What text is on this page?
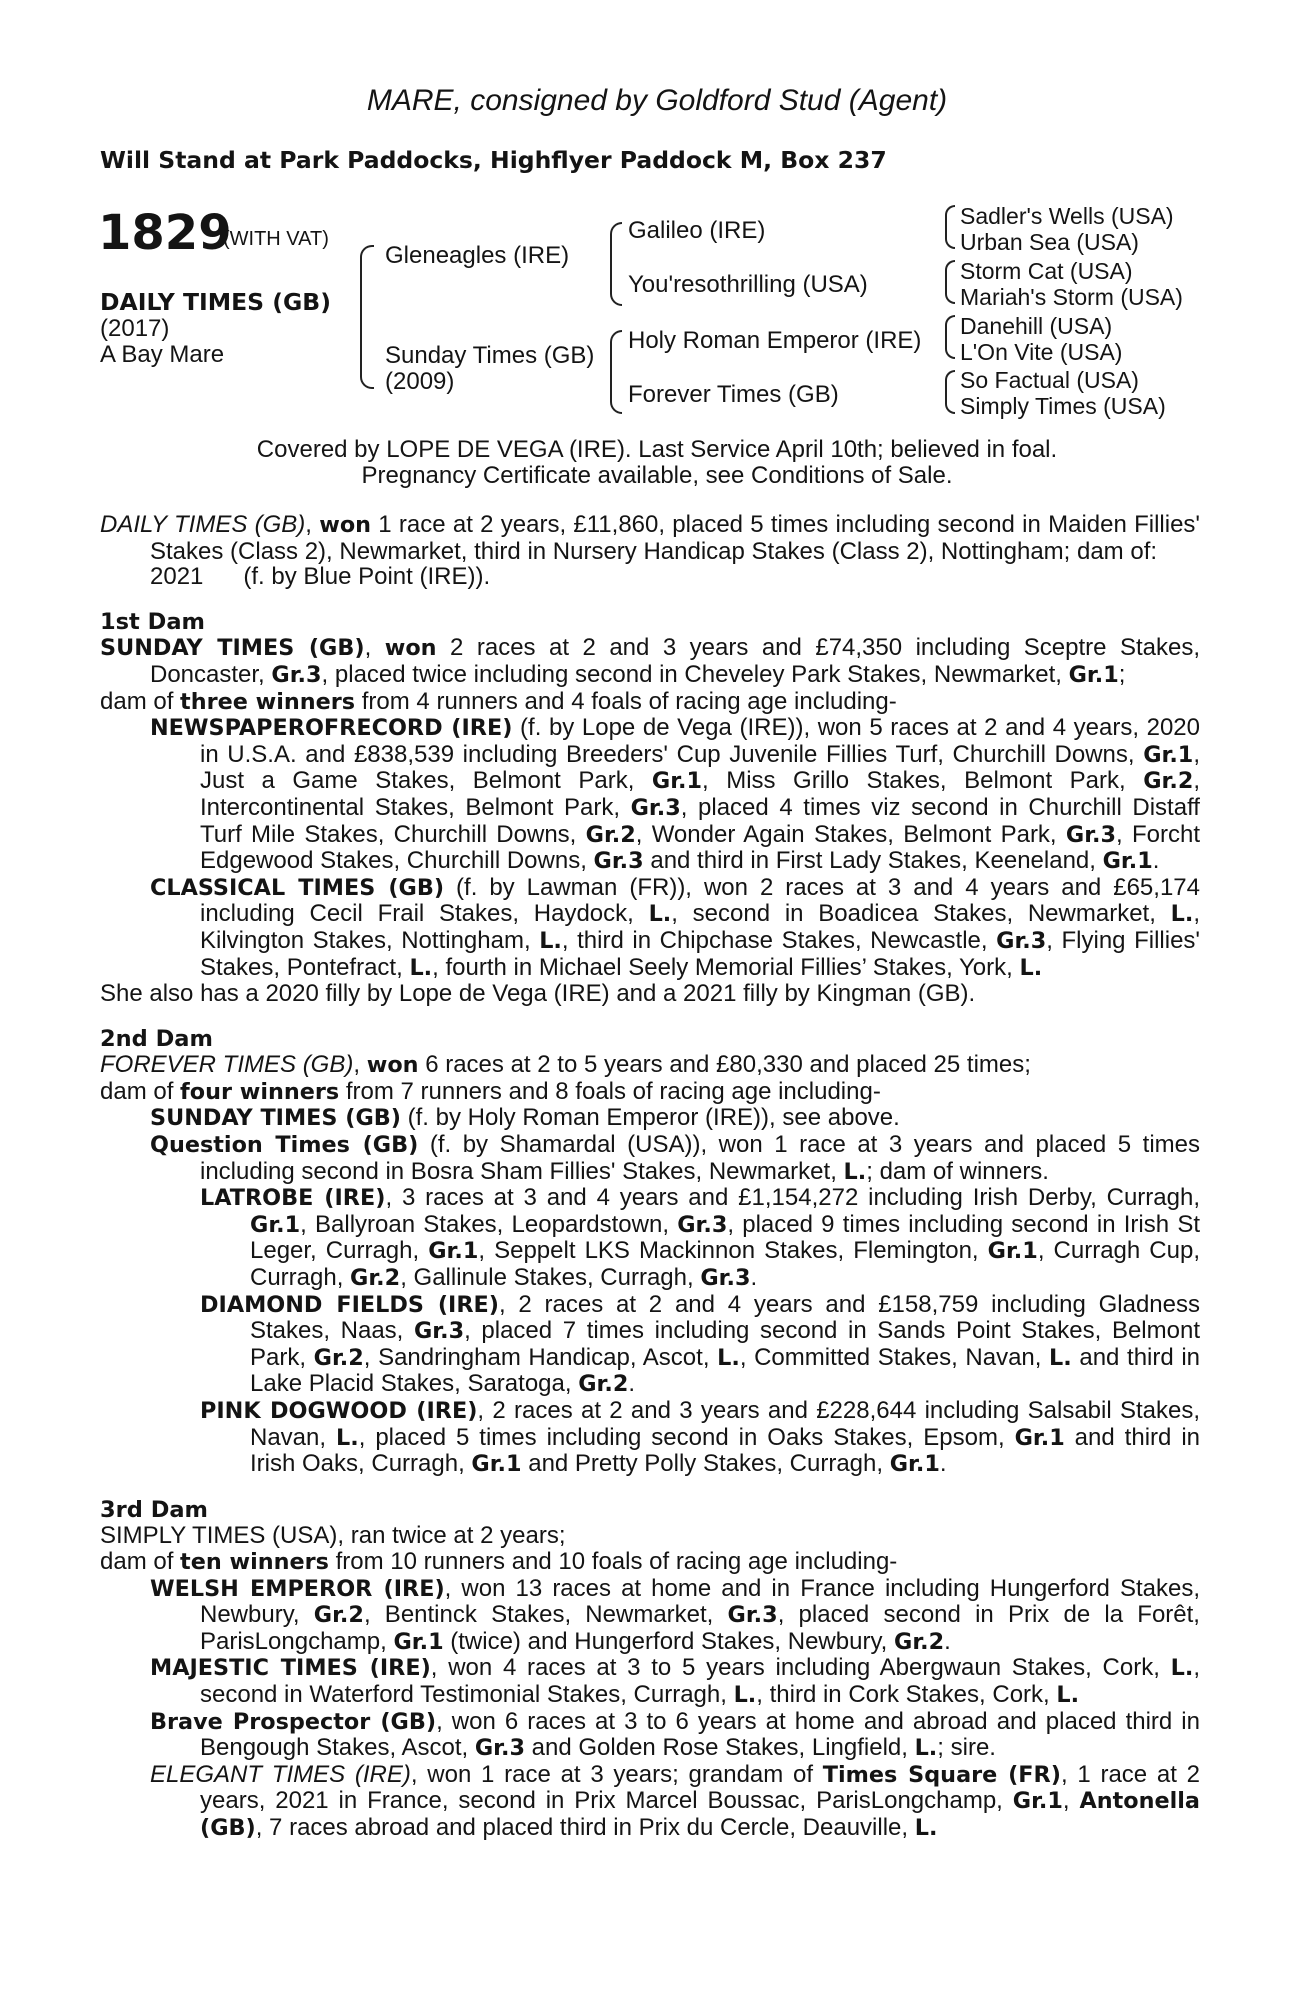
MARE, consigned by Goldford Stud (Agent)
Will Stand at Park Paddocks, Highflyer Paddock M, Box 237
1829
(WITH VAT)
DAILY TIMES (GB)
(2017)
A Bay Mare
Gleneagles (IRE)
Sunday Times (GB)
(2009)
Galileo (IRE)
You'resothrilling (USA)
Holy Roman Emperor (IRE)
Forever Times (GB)
Sadler's Wells (USA)
Urban Sea (USA)
Storm Cat (USA)
Mariah's Storm (USA)
Danehill (USA)
L'On Vite (USA)
So Factual (USA)
Simply Times (USA)
Covered by LOPE DE VEGA (IRE). Last Service April 10th; believed in foal.
Pregnancy Certificate available, see Conditions of Sale.

DAILY TIMES (GB), won 1 race at 2 years, £11,860, placed 5 times including second in Maiden Fillies' Stakes (Class 2), Newmarket, third in Nursery Handicap Stakes (Class 2), Nottingham; dam of:

2021 (f. by Blue Point (IRE)).

1st Dam

SUNDAY TIMES (GB), won 2 races at 2 and 3 years and £74,350 including Sceptre Stakes, Doncaster, Gr.3, placed twice including second in Cheveley Park Stakes, Newmarket, Gr.1;

dam of three winners from 4 runners and 4 foals of racing age including-

NEWSPAPEROFRECORD (IRE) (f. by Lope de Vega (IRE)), won 5 races at 2 and 4 years, 2020 in U.S.A. and £838,539 including Breeders' Cup Juvenile Fillies Turf, Churchill Downs, Gr.1, Just a Game Stakes, Belmont Park, Gr.1, Miss Grillo Stakes, Belmont Park, Gr.2, Intercontinental Stakes, Belmont Park, Gr.3, placed 4 times viz second in Churchill Distaff Turf Mile Stakes, Churchill Downs, Gr.2, Wonder Again Stakes, Belmont Park, Gr.3, Forcht Edgewood Stakes, Churchill Downs, Gr.3 and third in First Lady Stakes, Keeneland, Gr.1.

CLASSICAL TIMES (GB) (f. by Lawman (FR)), won 2 races at 3 and 4 years and £65,174 including Cecil Frail Stakes, Haydock, L., second in Boadicea Stakes, Newmarket, L., Kilvington Stakes, Nottingham, L., third in Chipchase Stakes, Newcastle, Gr.3, Flying Fillies' Stakes, Pontefract, L., fourth in Michael Seely Memorial Fillies’ Stakes, York, L.

She also has a 2020 filly by Lope de Vega (IRE) and a 2021 filly by Kingman (GB).

2nd Dam

FOREVER TIMES (GB), won 6 races at 2 to 5 years and £80,330 and placed 25 times;

dam of four winners from 7 runners and 8 foals of racing age including-

SUNDAY TIMES (GB) (f. by Holy Roman Emperor (IRE)), see above.

Question Times (GB) (f. by Shamardal (USA)), won 1 race at 3 years and placed 5 times including second in Bosra Sham Fillies' Stakes, Newmarket, L.; dam of winners.

LATROBE (IRE), 3 races at 3 and 4 years and £1,154,272 including Irish Derby, Curragh, Gr.1, Ballyroan Stakes, Leopardstown, Gr.3, placed 9 times including second in Irish St Leger, Curragh, Gr.1, Seppelt LKS Mackinnon Stakes, Flemington, Gr.1, Curragh Cup, Curragh, Gr.2, Gallinule Stakes, Curragh, Gr.3.

DIAMOND FIELDS (IRE), 2 races at 2 and 4 years and £158,759 including Gladness Stakes, Naas, Gr.3, placed 7 times including second in Sands Point Stakes, Belmont Park, Gr.2, Sandringham Handicap, Ascot, L., Committed Stakes, Navan, L. and third in Lake Placid Stakes, Saratoga, Gr.2.

PINK DOGWOOD (IRE), 2 races at 2 and 3 years and £228,644 including Salsabil Stakes, Navan, L., placed 5 times including second in Oaks Stakes, Epsom, Gr.1 and third in Irish Oaks, Curragh, Gr.1 and Pretty Polly Stakes, Curragh, Gr.1.

3rd Dam

SIMPLY TIMES (USA), ran twice at 2 years;

dam of ten winners from 10 runners and 10 foals of racing age including-

WELSH EMPEROR (IRE), won 13 races at home and in France including Hungerford Stakes, Newbury, Gr.2, Bentinck Stakes, Newmarket, Gr.3, placed second in Prix de la Forêt, ParisLongchamp, Gr.1 (twice) and Hungerford Stakes, Newbury, Gr.2.

MAJESTIC TIMES (IRE), won 4 races at 3 to 5 years including Abergwaun Stakes, Cork, L., second in Waterford Testimonial Stakes, Curragh, L., third in Cork Stakes, Cork, L.

Brave Prospector (GB), won 6 races at 3 to 6 years at home and abroad and placed third in Bengough Stakes, Ascot, Gr.3 and Golden Rose Stakes, Lingfield, L.; sire.

ELEGANT TIMES (IRE), won 1 race at 3 years; grandam of Times Square (FR), 1 race at 2 years, 2021 in France, second in Prix Marcel Boussac, ParisLongchamp, Gr.1, Antonella (GB), 7 races abroad and placed third in Prix du Cercle, Deauville, L.
